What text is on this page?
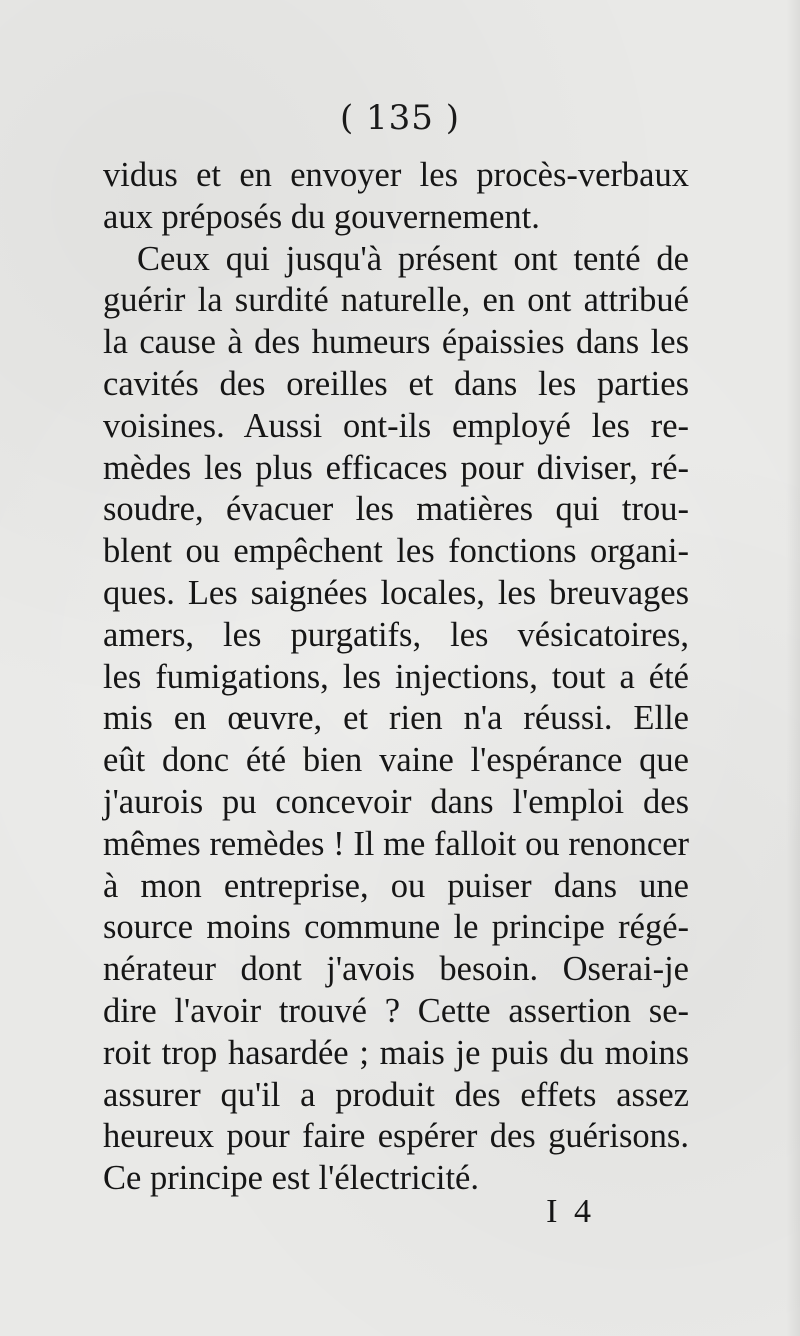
( 135 )
vidus et en envoyer les procès-verbaux
aux préposés du gouvernement.
Ceux qui jusqu'à présent ont tenté de
guérir la surdité naturelle, en ont attribué
la cause à des humeurs épaissies dans les
cavités des oreilles et dans les parties
voisines. Aussi ont-ils employé les re-
mèdes les plus efficaces pour diviser, ré-
soudre, évacuer les matières qui trou-
blent ou empêchent les fonctions organi-
ques. Les saignées locales, les breuvages
amers, les purgatifs, les vésicatoires,
les fumigations, les injections, tout a été
mis en œuvre, et rien n'a réussi. Elle
eût donc été bien vaine l'espérance que
j'aurois pu concevoir dans l'emploi des
mêmes remèdes ! Il me falloit ou renoncer
à mon entreprise, ou puiser dans une
source moins commune le principe régé-
nérateur dont j'avois besoin. Oserai-je
dire l'avoir trouvé ? Cette assertion se-
roit trop hasardée ; mais je puis du moins
assurer qu'il a produit des effets assez
heureux pour faire espérer des guérisons.
Ce principe est l'électricité.
I 4
